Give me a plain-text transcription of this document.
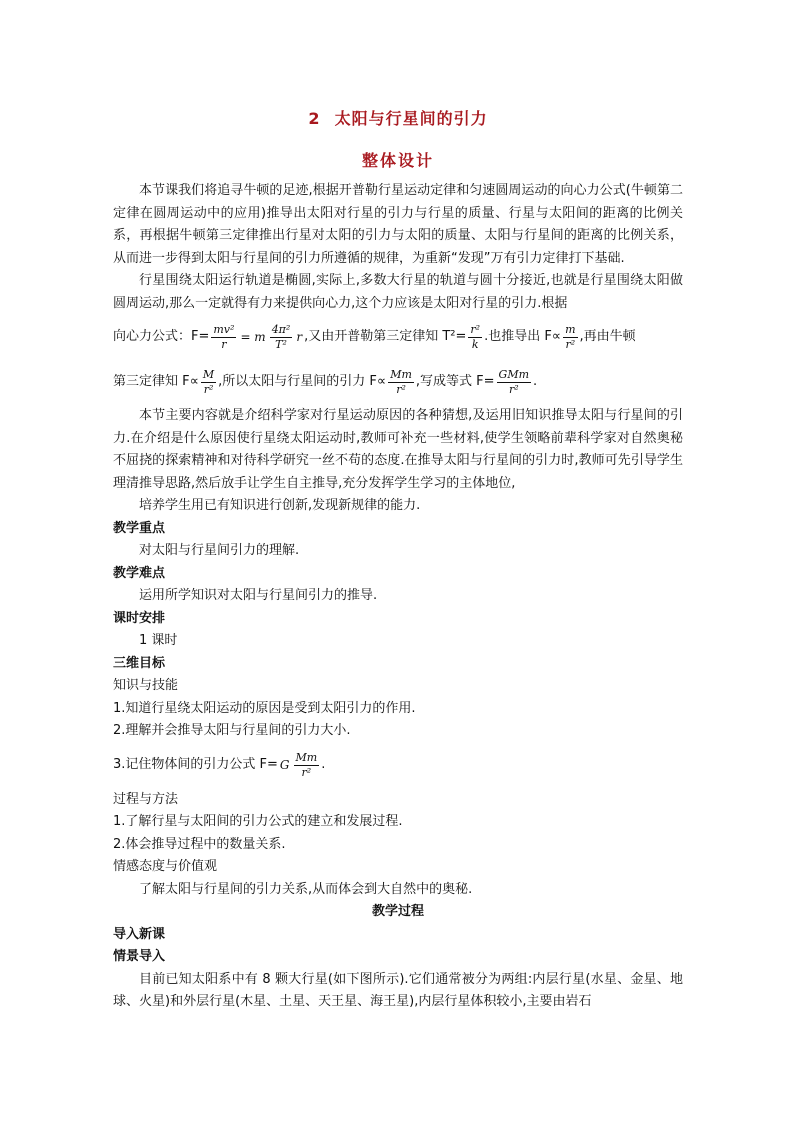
2 太阳与行星间的引力
整体设计

本节课我们将追寻牛顿的足迹,根据开普勒行星运动定律和匀速圆周运动的向心力公式(牛顿第二定律在圆周运动中的应用)推导出太阳对行星的引力与行星的质量、行星与太阳间的距离的比例关系，再根据牛顿第三定律推出行星对太阳的引力与太阳的质量、太阳与行星间的距离的比例关系，从而进一步得到太阳与行星间的引力所遵循的规律，为重新“发现”万有引力定律打下基础.

行星围绕太阳运行轨道是椭圆,实际上,多数大行星的轨道与圆十分接近,也就是行星围绕太阳做圆周运动,那么一定就得有力来提供向心力,这个力应该是太阳对行星的引力.根据

向心力公式：$F= \frac{\text{mv²}}{r} = m \frac{\text{4π²}}{\text{T²}}$ r ,又由开普勒第三定律知 $T^2= \frac{\text{r²}}{k}$ .也推导出 $F\propto \frac{m}{\text{r²}}$ ,再由牛顿
第三定律知 $F\propto \frac{M}{\text{r²}}$ ,所以太阳与行星间的引力 $F\propto \frac{Mm}{\text{r²}}$ ,写成等式 $F= \frac{\text{GMm}}{\text{r²}}$ .

本节主要内容就是介绍科学家对行星运动原因的各种猜想,及运用旧知识推导太阳与行星间的引力.在介绍是什么原因使行星绕太阳运动时,教师可补充一些材料,使学生领略前辈科学家对自然奥秘不屈挠的探索精神和对待科学研究一丝不苟的态度.在推导太阳与行星间的引力时,教师可先引导学生理清推导思路,然后放手让学生自主推导,充分发挥学生学习的主体地位,

培养学生用已有知识进行创新,发现新规律的能力.

教学重点

对太阳与行星间引力的理解.

教学难点

运用所学知识对太阳与行星间引力的推导.

课时安排

1 课时

三维目标

知识与技能

1.知道行星绕太阳运动的原因是受到太阳引力的作用.

2.理解并会推导太阳与行星间的引力大小.

3.记住物体间的引力公式 F= G $\frac{Mm}{\text{r²}}$ .

过程与方法

1.了解行星与太阳间的引力公式的建立和发展过程.

2.体会推导过程中的数量关系.

情感态度与价值观

了解太阳与行星间的引力关系,从而体会到大自然中的奥秘.

教学过程

导入新课

情景导入

目前已知太阳系中有 8 颗大行星(如下图所示).它们通常被分为两组:内层行星(水星、金星、地球、火星)和外层行星(木星、土星、天王星、海王星),内层行星体积较小,主要由岩石
